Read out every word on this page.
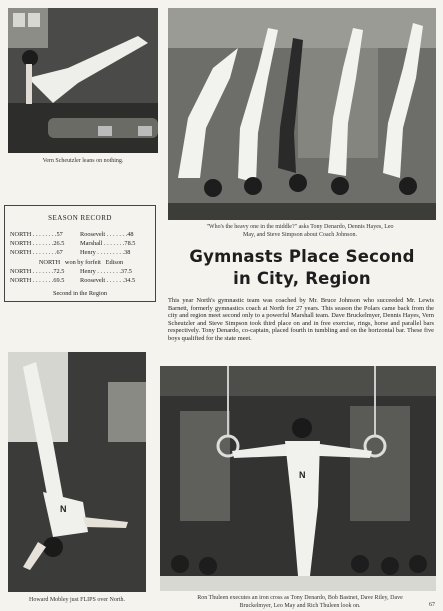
Vern Scheutzler leans on nothing.
"Who's the heavy one in the middle?" asks Tony Denardo, Dennis Hayes, Leo May, and Steve Simpson about Coach Johnson.
SEASON RECORD
NORTH . . . . . . . .57	Roosevelt . . . . . . .48
NORTH . . . . . . .26.5	Marshall . . . . . . .78.5
NORTH . . . . . . . .67	Henry . . . . . . . . .38
NORTH   won by forfeit   Edison
NORTH . . . . . . .72.5	Henry . . . . . . . .37.5
NORTH . . . . . . .69.5	Roosevelt . . . . . .34.5
Second in the Region
Gymnasts Place Second
in City, Region
This year North's gymnastic team was coached by Mr. Bruce Johnson who succeeded Mr. Lewis Barnett, formerly gymnastics coach at North for 27 years. This season the Polars came back from the city and region meet second only to a powerful Marshall team. Dave Bruckelmyer, Dennis Hayes, Vern Scheutzler and Steve Simpson took third place on and in free exercise, rings, horse and parallel bars respectively. Tony Denardo, co-captain, placed fourth in tumbling and on the horizontal bar. These five boys qualified for the state meet.
N
Howard Mobley just FLIPS over North.
N
Ron Thuleen executes an iron cross as Tony Denardo, Bob Bastnet, Dave Riley, Dave Bruckelmyer, Leo May and Rich Thuleen look on.	67
